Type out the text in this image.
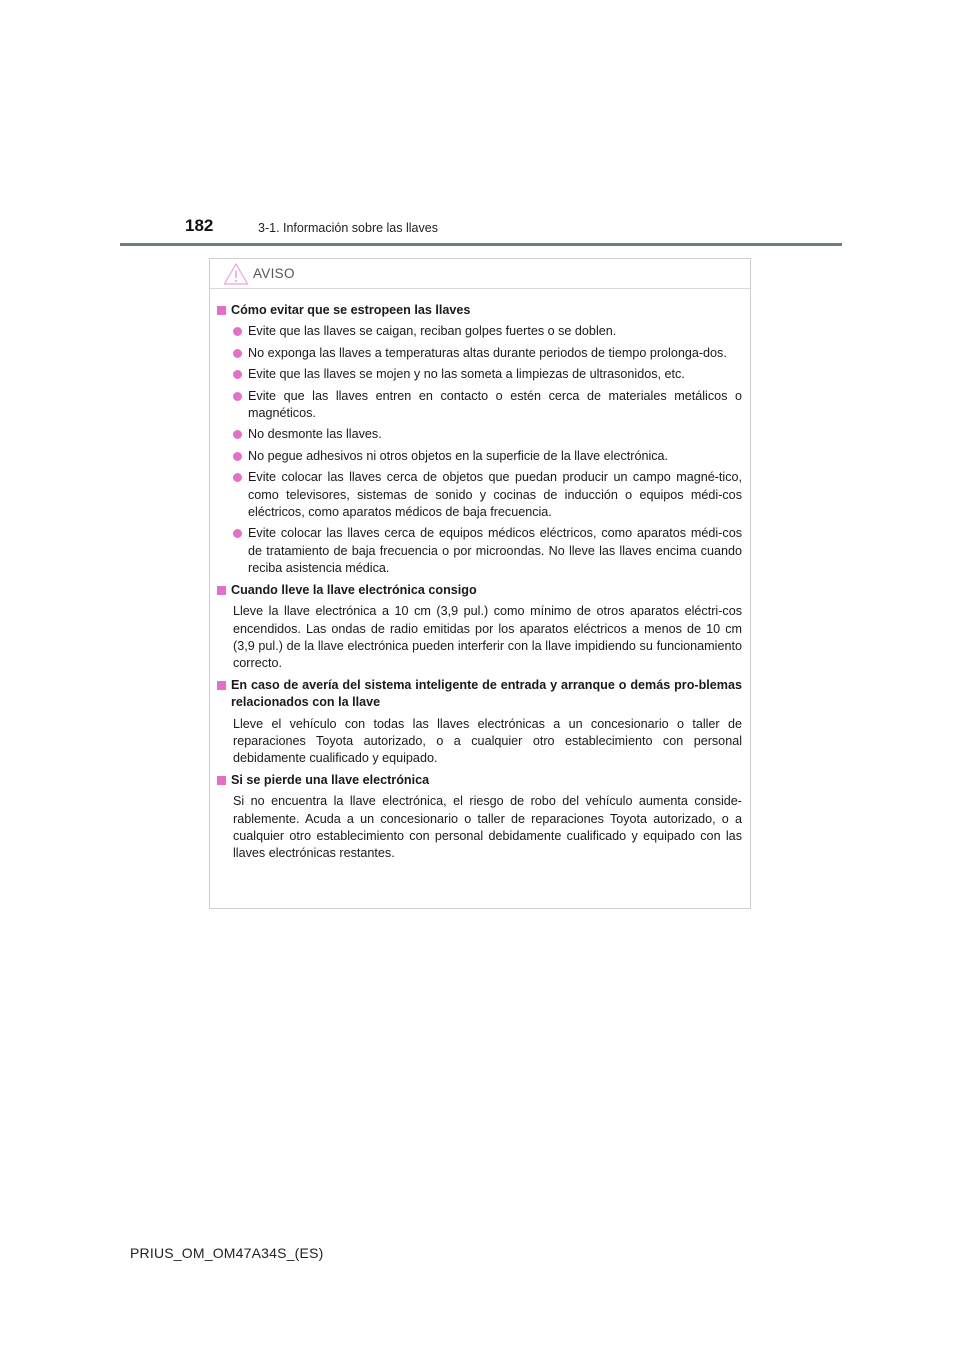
182	3-1. Información sobre las llaves
AVISO
Cómo evitar que se estropeen las llaves
Evite que las llaves se caigan, reciban golpes fuertes o se doblen.
No exponga las llaves a temperaturas altas durante periodos de tiempo prolonga-dos.
Evite que las llaves se mojen y no las someta a limpiezas de ultrasonidos, etc.
Evite que las llaves entren en contacto o estén cerca de materiales metálicos o magnéticos.
No desmonte las llaves.
No pegue adhesivos ni otros objetos en la superficie de la llave electrónica.
Evite colocar las llaves cerca de objetos que puedan producir un campo magné-tico, como televisores, sistemas de sonido y cocinas de inducción o equipos médi-cos eléctricos, como aparatos médicos de baja frecuencia.
Evite colocar las llaves cerca de equipos médicos eléctricos, como aparatos médi-cos de tratamiento de baja frecuencia o por microondas. No lleve las llaves encima cuando reciba asistencia médica.
Cuando lleve la llave electrónica consigo
Lleve la llave electrónica a 10 cm (3,9 pul.) como mínimo de otros aparatos eléctri-cos encendidos. Las ondas de radio emitidas por los aparatos eléctricos a menos de 10 cm (3,9 pul.) de la llave electrónica pueden interferir con la llave impidiendo su funcionamiento correcto.
En caso de avería del sistema inteligente de entrada y arranque o demás pro-blemas relacionados con la llave
Lleve el vehículo con todas las llaves electrónicas a un concesionario o taller de reparaciones Toyota autorizado, o a cualquier otro establecimiento con personal debidamente cualificado y equipado.
Si se pierde una llave electrónica
Si no encuentra la llave electrónica, el riesgo de robo del vehículo aumenta conside-rablemente. Acuda a un concesionario o taller de reparaciones Toyota autorizado, o a cualquier otro establecimiento con personal debidamente cualificado y equipado con las llaves electrónicas restantes.
PRIUS_OM_OM47A34S_(ES)
